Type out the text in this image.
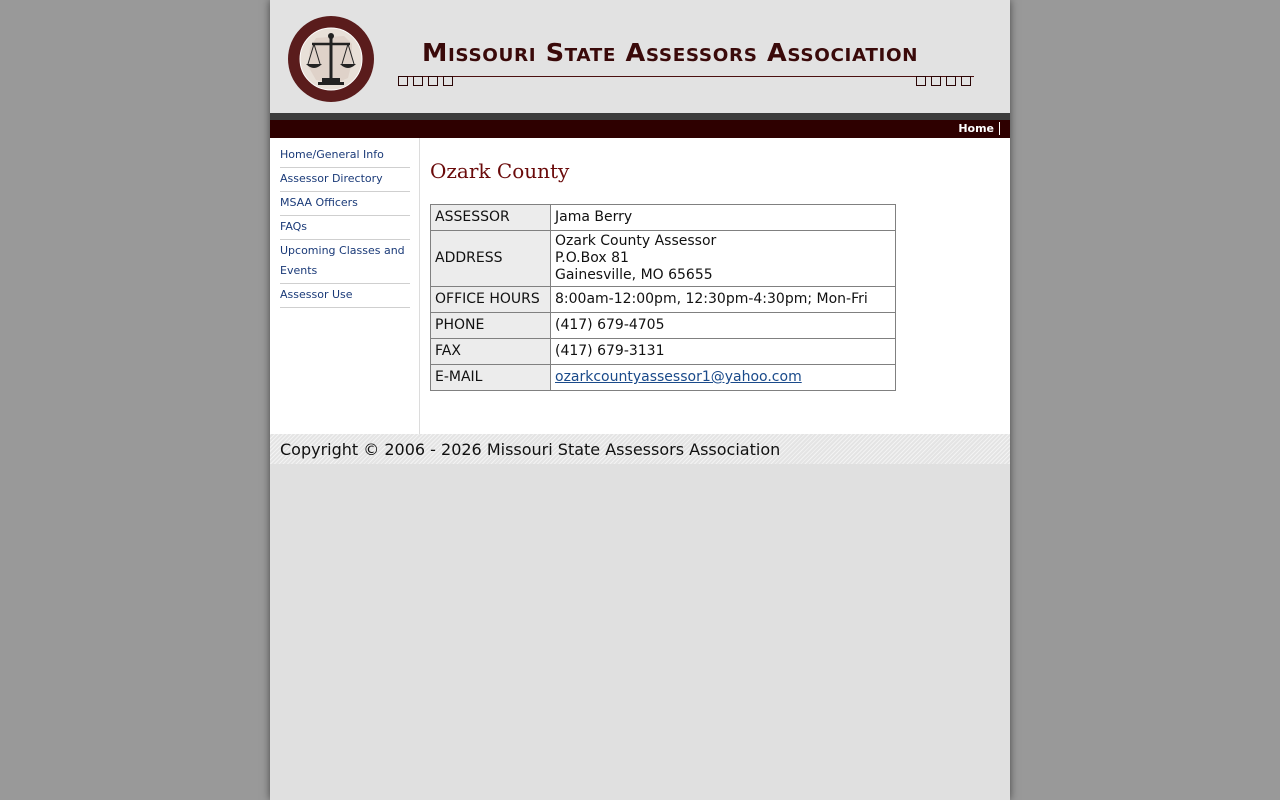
Missouri State Assessors Association
Home
Home/General Info
Assessor Directory
MSAA Officers
FAQs
Upcoming Classes and Events
Assessor Use
Ozark County
ASSESSOR	Jama Berry
ADDRESS	Ozark County Assessor
P.O.Box 81
Gainesville, MO 65655

OFFICE HOURS	8:00am-12:00pm, 12:30pm-4:30pm; Mon-Fri
PHONE	(417) 679-4705
FAX	(417) 679-3131
E-MAIL	ozarkcountyassessor1@yahoo.com
Copyright © 2006 - 2026 Missouri State Assessors Association
